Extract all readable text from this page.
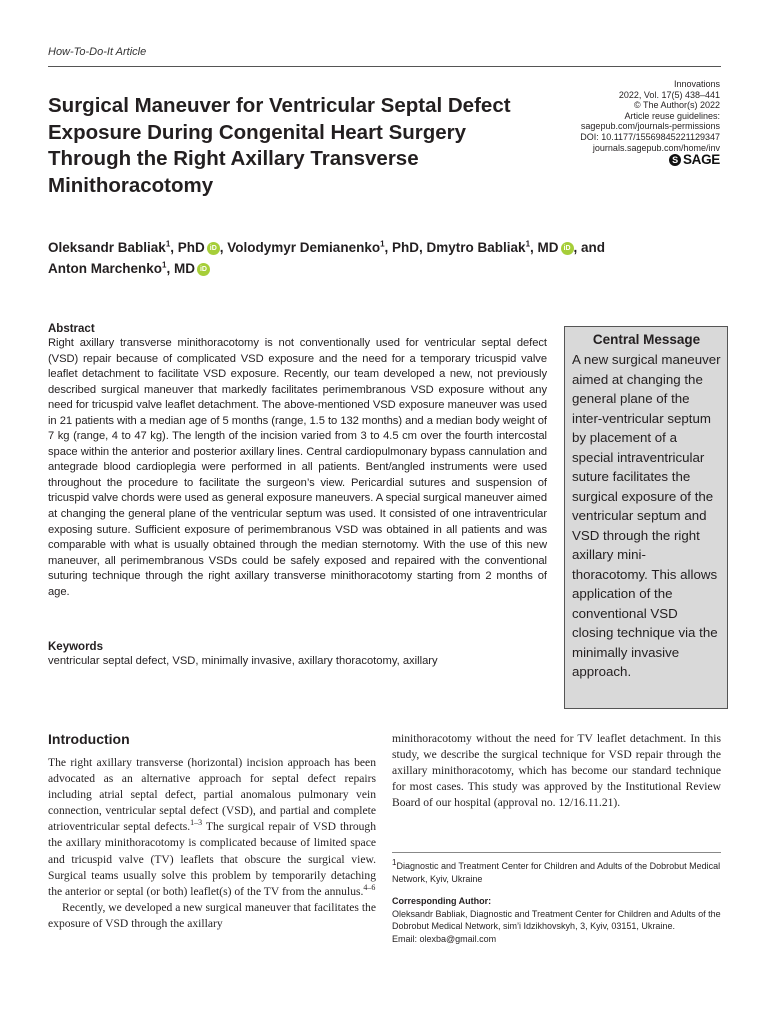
How-To-Do-It Article
Surgical Maneuver for Ventricular Septal Defect Exposure During Congenital Heart Surgery Through the Right Axillary Transverse Minithoracotomy
Innovations
2022, Vol. 17(5) 438–441
© The Author(s) 2022
Article reuse guidelines:
sagepub.com/journals-permissions
DOI: 10.1177/15569845221129347
journals.sagepub.com/home/inv
S SAGE
Oleksandr Babliak$^1$, PhD iD , Volodymyr Demianenko$^1$, PhD, Dmytro Babliak$^1$, MD iD , and
Anton Marchenko$^1$, MD iD
Abstract

Right axillary transverse minithoracotomy is not conventionally used for ventricular septal defect (VSD) repair because of complicated VSD exposure and the need for a temporary tricuspid valve leaflet detachment to facilitate VSD exposure. Recently, our team developed a new, not previously described surgical maneuver that markedly facilitates perimembranous VSD exposure without any need for tricuspid valve leaflet detachment. The above-mentioned VSD exposure maneuver was used in 21 patients with a median age of 5 months (range, 1.5 to 132 months) and a median body weight of 7 kg (range, 4 to 47 kg). The length of the incision varied from 3 to 4.5 cm over the fourth intercostal space within the anterior and posterior axillary lines. Central cardiopulmonary bypass cannulation and antegrade blood cardioplegia were performed in all patients. Bent/angled instruments were used throughout the procedure to facilitate the surgeon’s view. Pericardial sutures and suspension of tricuspid valve chords were used as general exposure maneuvers. A special surgical maneuver aimed at changing the general plane of the ventricular septum was used. It consisted of one intraventricular exposing suture. Sufficient exposure of perimembranous VSD was obtained in all patients and was comparable with what is usually obtained through the median sternotomy. With the use of this new maneuver, all perimembranous VSDs could be safely exposed and repaired with the conventional suturing technique through the right axillary transverse minithoracotomy starting from 2 months of age.

Keywords

ventricular septal defect, VSD, minimally invasive, axillary thoracotomy, axillary

Central Message

A new surgical maneuver aimed at changing the general plane of the inter-ventricular septum by placement of a special intraventricular suture facilitates the surgical exposure of the ventricular septum and VSD through the right axillary mini-thoracotomy. This allows application of the conventional VSD closing technique via the minimally invasive approach.

Introduction

The right axillary transverse (horizontal) incision approach has been advocated as an alternative approach for septal defect repairs including atrial septal defect, partial anomalous pulmonary vein connection, ventricular septal defect (VSD), and partial and complete atrioventricular septal defects.$^{1-3}$ The surgical repair of VSD through the axillary minithoracotomy is complicated because of limited space and tricuspid valve (TV) leaflets that obscure the surgical view. Surgical teams usually solve this problem by temporarily detaching the anterior or septal (or both) leaflet(s) of the TV from the annulus.$^{4-6}$

Recently, we developed a new surgical maneuver that facilitates the exposure of VSD through the axillary

minithoracotomy without the need for TV leaflet detachment. In this study, we describe the surgical technique for VSD repair through the axillary minithoracotomy, which has become our standard technique for most cases. This study was approved by the Institutional Review Board of our hospital (approval no. 12/16.11.21).

$^1$Diagnostic and Treatment Center for Children and Adults of the Dobrobut Medical Network, Kyiv, Ukraine
Corresponding Author:
Oleksandr Babliak, Diagnostic and Treatment Center for Children and Adults of the Dobrobut Medical Network, sim’i Idzikhovskyh, 3, Kyiv, 03151, Ukraine.
Email: olexba@gmail.com
